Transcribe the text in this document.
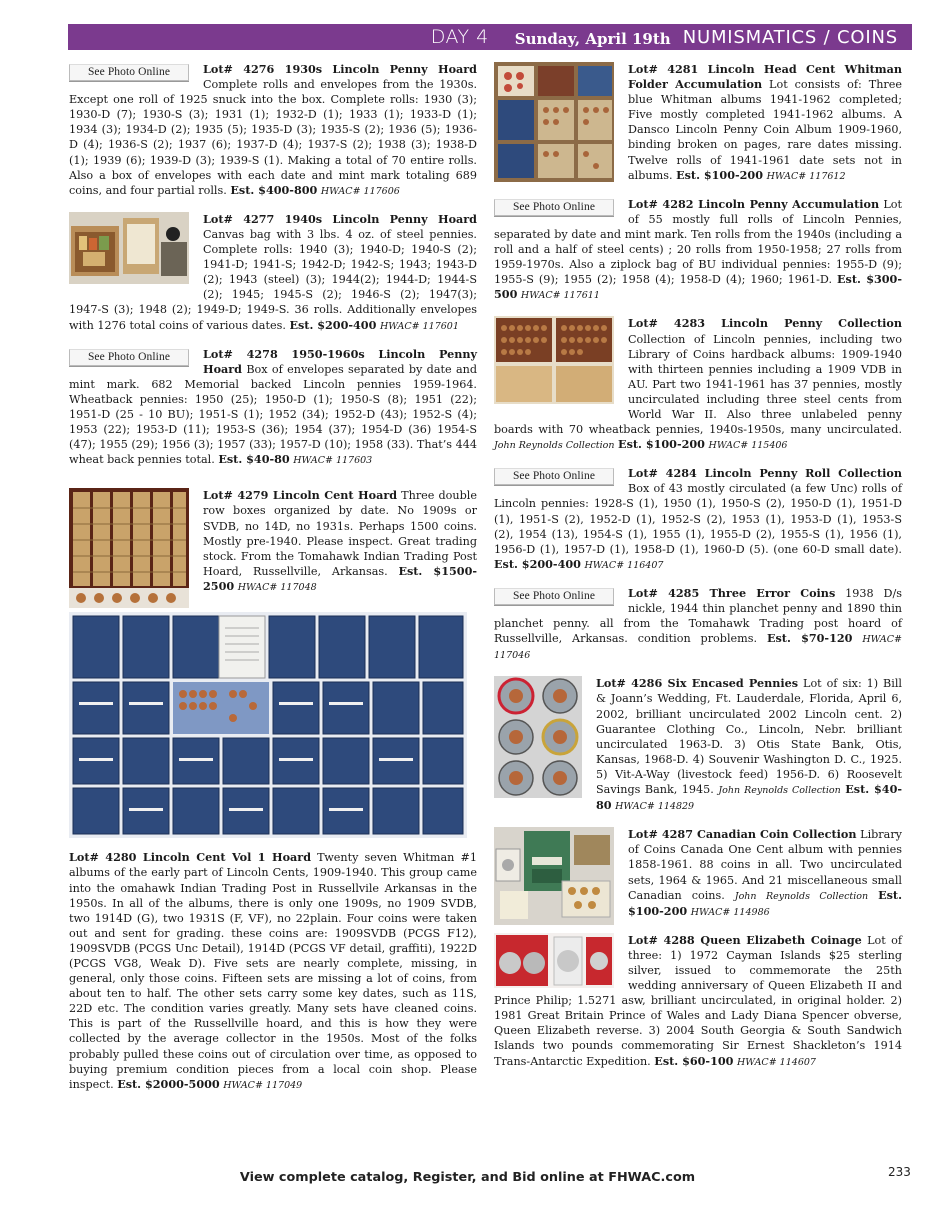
DAY 4 Sunday, April 19th NUMISMATICS / COINS
See Photo Online	Lot# 4276 1930s Lincoln Penny Hoard Complete rolls and envelopes from the 1930s. Except one roll of 1925 snuck into the box. Complete rolls: 1930 (3); 1930-D (7); 1930-S (3); 1931 (1); 1932-D (1); 1933 (1); 1933-D (1); 1934 (3); 1934-D (2); 1935 (5); 1935-D (3); 1935-S (2); 1936 (5); 1936-D (4); 1936-S (2); 1937 (6); 1937-D (4); 1937-S (2); 1938 (3); 1938-D (1); 1939 (6); 1939-D (3); 1939-S (1). Making a total of 70 entire rolls. Also a box of envelopes with each date and mint mark totaling 689 coins, and four partial rolls. Est. $400-800 HWAC# 117606
Lot# 4277 1940s Lincoln Penny Hoard Canvas bag with 3 lbs. 4 oz. of steel pennies. Complete rolls: 1940 (3); 1940-D; 1940-S (2); 1941-D; 1941-S; 1942-D; 1942-S; 1943; 1943-D (2); 1943 (steel) (3); 1944(2); 1944-D; 1944-S (2); 1945; 1945-S (2); 1946-S (2); 1947(3); 1947-S (3); 1948 (2); 1949-D; 1949-S. 36 rolls. Additionally envelopes with 1276 total coins of various dates. Est. $200-400 HWAC# 117601
See Photo Online	Lot# 4278 1950-1960s Lincoln Penny Hoard Box of envelopes separated by date and mint mark. 682 Memorial backed Lincoln pennies 1959-1964. Wheatback pennies: 1950 (25); 1950-D (1); 1950-S (8); 1951 (22); 1951-D (25 - 10 BU); 1951-S (1); 1952 (34); 1952-D (43); 1952-S (4); 1953 (22); 1953-D (11); 1953-S (36); 1954 (37); 1954-D (36) 1954-S (47); 1955 (29); 1956 (3); 1957 (33); 1957-D (10); 1958 (33). That’s 444 wheat back pennies total. Est. $40-80 HWAC# 117603
Lot# 4279 Lincoln Cent Hoard Three double row boxes organized by date. No 1909s or SVDB, no 14D, no 1931s. Perhaps 1500 coins. Mostly pre-1940. Please inspect. Great trading stock. From the Tomahawk Indian Trading Post Hoard, Russellville, Arkansas. Est. $1500-2500 HWAC# 117048
Lot# 4280 Lincoln Cent Vol 1 Hoard Twenty seven Whitman #1 albums of the early part of Lincoln Cents, 1909-1940. This group came into the omahawk Indian Trading Post in Russellvile Arkansas in the 1950s. In all of the albums, there is only one 1909s, no 1909 SVDB, two 1914D (G), two 1931S (F, VF), no 22plain. Four coins were taken out and sent for grading. these coins are: 1909SVDB (PCGS F12), 1909SVDB (PCGS Unc Detail), 1914D (PCGS VF detail, graffiti), 1922D (PCGS VG8, Weak D). Five sets are nearly complete, missing, in general, only those coins. Fifteen sets are missing a lot of coins, from about ten to half. The other sets carry some key dates, such as 11S, 22D etc. The condition varies greatly. Many sets have cleaned coins. This is part of the Russellville hoard, and this is how they were collected by the average collector in the 1950s. Most of the folks probably pulled these coins out of circulation over time, as opposed to buying premium condition pieces from a local coin shop. Please inspect. Est. $2000-5000 HWAC# 117049
Lot# 4281 Lincoln Head Cent Whitman Folder Accumulation Lot consists of: Three blue Whitman albums 1941-1962 completed; Five mostly completed 1941-1962 albums. A Dansco Lincoln Penny Coin Album 1909-1960, binding broken on pages, rare dates missing. Twelve rolls of 1941-1961 date sets not in albums. Est. $100-200 HWAC# 117612
See Photo Online	Lot# 4282 Lincoln Penny Accumulation Lot of 55 mostly full rolls of Lincoln Pennies, separated by date and mint mark. Ten rolls from the 1940s (including a roll and a half of steel cents) ; 20 rolls from 1950-1958; 27 rolls from 1959-1970s. Also a ziplock bag of BU individual pennies: 1955-D (9); 1955-S (9); 1955 (2); 1958 (4); 1958-D (4); 1960; 1961-D. Est. $300-500 HWAC# 117611
Lot# 4283 Lincoln Penny Collection Collection of Lincoln pennies, including two Library of Coins hardback albums: 1909-1940 with thirteen pennies including a 1909 VDB in AU. Part two 1941-1961 has 37 pennies, mostly uncirculated including three steel cents from World War II. Also three unlabeled penny boards with 70 wheatback pennies, 1940s-1950s, many uncirculated. John Reynolds Collection Est. $100-200 HWAC# 115406
See Photo Online	Lot# 4284 Lincoln Penny Roll Collection Box of 43 mostly circulated (a few Unc) rolls of Lincoln pennies: 1928-S (1), 1950 (1), 1950-S (2), 1950-D (1), 1951-D (1), 1951-S (2), 1952-D (1), 1952-S (2), 1953 (1), 1953-D (1), 1953-S (2), 1954 (13), 1954-S (1), 1955 (1), 1955-D (2), 1955-S (1), 1956 (1), 1956-D (1), 1957-D (1), 1958-D (1), 1960-D (5). (one 60-D small date). Est. $200-400 HWAC# 116407
See Photo Online	Lot# 4285 Three Error Coins 1938 D/s nickle, 1944 thin planchet penny and 1890 thin planchet penny. all from the Tomahawk Trading post hoard of Russellville, Arkansas. condition problems. Est. $70-120 HWAC# 117046
Lot# 4286 Six Encased Pennies Lot of six: 1) Bill & Joann’s Wedding, Ft. Lauderdale, Florida, April 6, 2002, brilliant uncirculated 2002 Lincoln cent. 2) Guarantee Clothing Co., Lincoln, Nebr. brilliant uncirculated 1963-D. 3) Otis State Bank, Otis, Kansas, 1968-D. 4) Souvenir Washington D. C., 1925. 5) Vit-A-Way (livestock feed) 1956-D. 6) Roosevelt Savings Bank, 1945. John Reynolds Collection Est. $40-80 HWAC# 114829
Lot# 4287 Canadian Coin Collection Library of Coins Canada One Cent album with pennies 1858-1961. 88 coins in all. Two uncirculated sets, 1964 & 1965. And 21 miscellaneous small Canadian coins. John Reynolds Collection Est. $100-200 HWAC# 114986
Lot# 4288 Queen Elizabeth Coinage Lot of three: 1) 1972 Cayman Islands $25 sterling silver, issued to commemorate the 25th wedding anniversary of Queen Elizabeth II and Prince Philip; 1.5271 asw, brilliant uncirculated, in original holder. 2) 1981 Great Britain Prince of Wales and Lady Diana Spencer obverse, Queen Elizabeth reverse. 3) 2004 South Georgia & South Sandwich Islands two pounds commemorating Sir Ernest Shackleton’s 1914 Trans-Antarctic Expedition. Est. $60-100 HWAC# 114607
View complete catalog, Register, and Bid online at FHWAC.com	233
